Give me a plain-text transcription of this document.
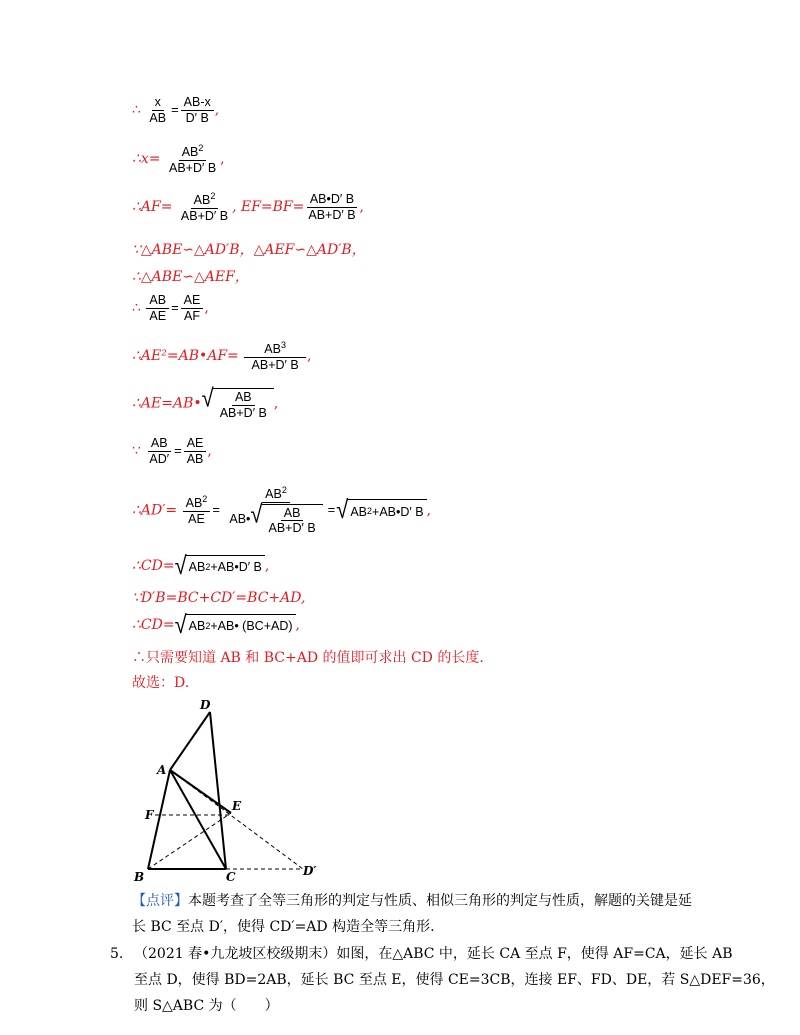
∴ $\frac{x}{AB} = \frac{AB-x}{D' B}$ ,
∴x= $\frac{AB^2}{AB+D' B}$ ,
∴AF= $\frac{AB^2}{AB+D' B}$ , $EF=BF= \frac{AB•D' B}{AB+D' B}$ ,
∵△ABE∽△AD′B，△AEF∽△AD′B，
∴△ABE∽△AEF，
∴ $\frac{AB}{AE} = \frac{AE}{AF}$ ,
∴AE²=AB•AF= $\frac{AB^3}{AB+D' B}$ ,
∴AE=AB• √ $\frac{AB}{AB+D' B}$ ,
∵ $\frac{AB}{AD'} = \frac{AE}{AB}$ ,
∴AD′= $\frac{AB^2}{AE} = \frac{AB^2}{AB• √ \frac{AB}{AB+D' B}}$ = √ AB 2 +AB•D′ B ,
∴CD= √ AB 2 +AB•D′ B ,
∵D′B=BC+CD′=BC+AD,
∴CD= √ AB 2 +AB• (BC+AD) ,
∴只需要知道 AB 和 BC+AD 的值即可求出 CD 的长度.
故选：D.
D
A
F
E
B	C	D′
【点评】本题考查了全等三角形的判定与性质、相似三角形的判定与性质，解题的关键是延
长 BC 至点 D′，使得 CD′=AD 构造全等三角形.
5. （2021 春•九龙坡区校级期末）如图，在△ABC 中，延长 CA 至点 F，使得 AF=CA，延长 AB
至点 D，使得 BD=2AB，延长 BC 至点 E，使得 CE=3CB，连接 EF、FD、DE，若 S△DEF=36，
则 S△ABC 为（　　）
